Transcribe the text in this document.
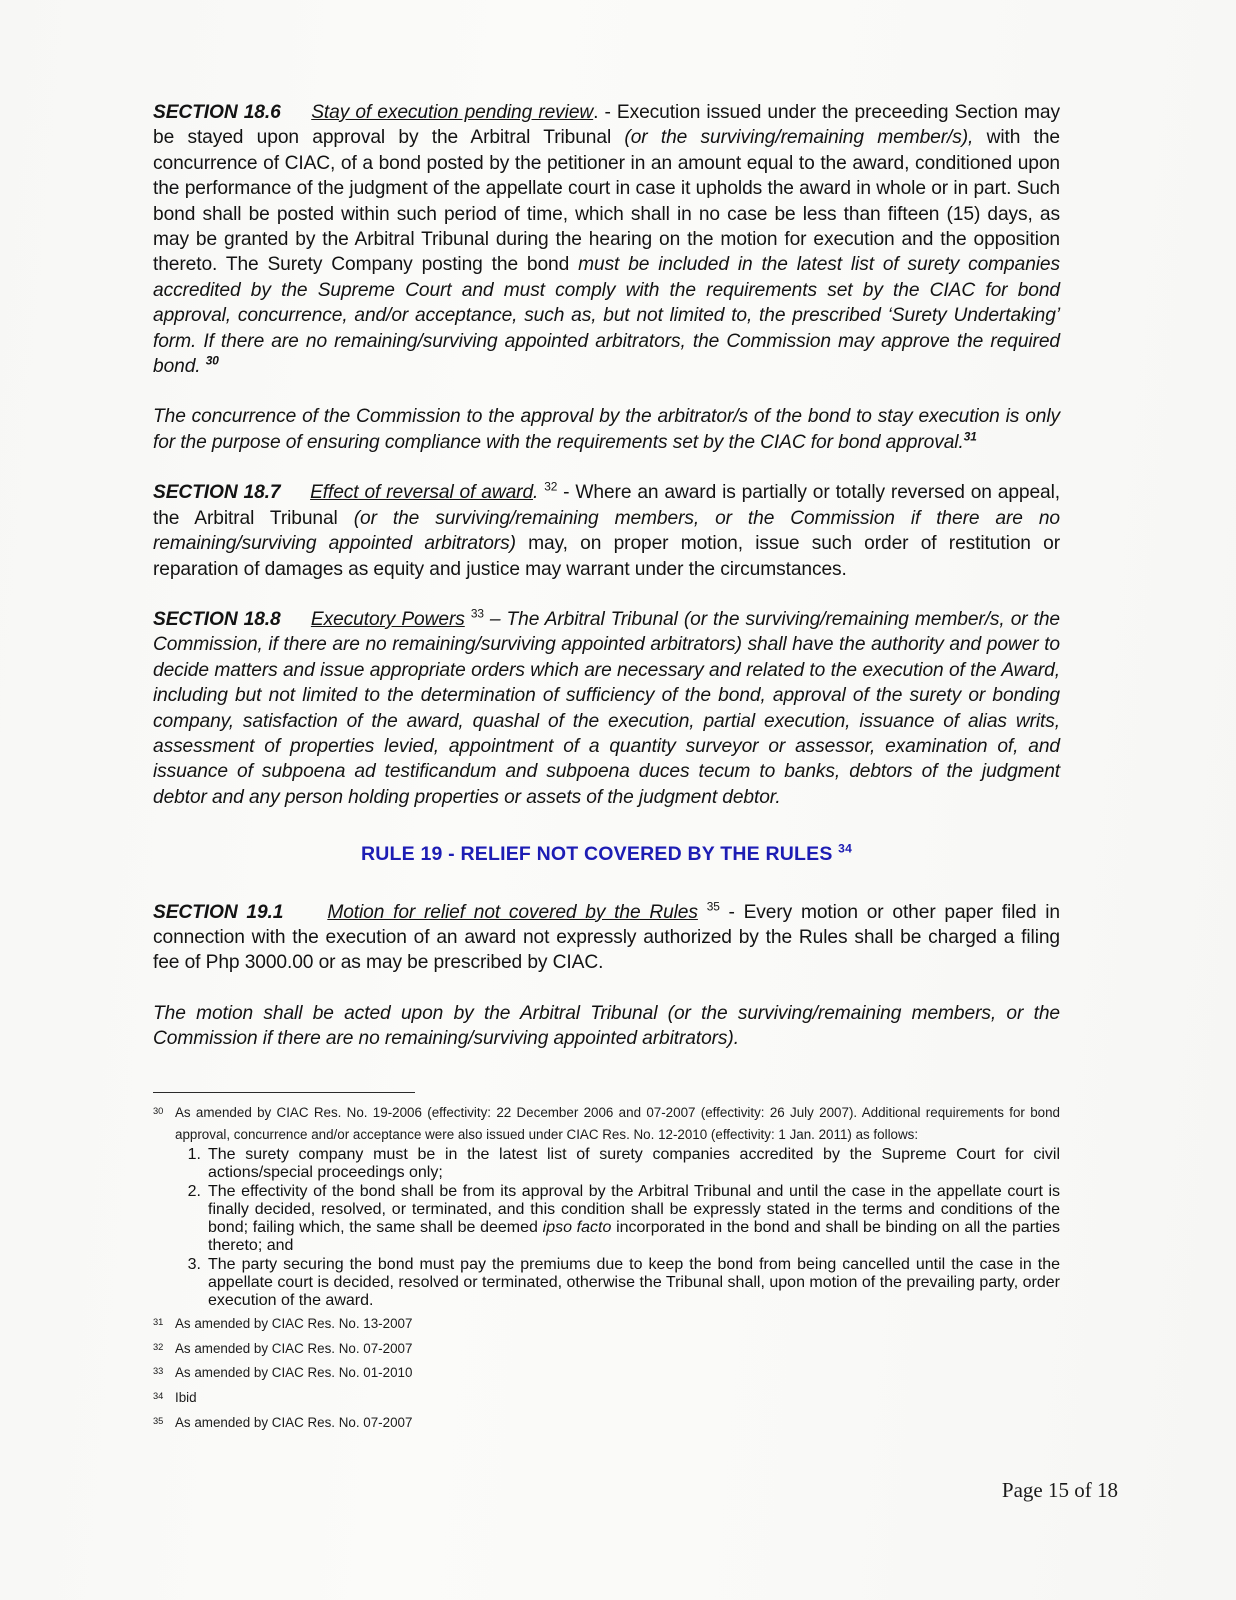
SECTION 18.6 Stay of execution pending review. - Execution issued under the preceeding Section may be stayed upon approval by the Arbitral Tribunal (or the surviving/remaining member/s), with the concurrence of CIAC, of a bond posted by the petitioner in an amount equal to the award, conditioned upon the performance of the judgment of the appellate court in case it upholds the award in whole or in part. Such bond shall be posted within such period of time, which shall in no case be less than fifteen (15) days, as may be granted by the Arbitral Tribunal during the hearing on the motion for execution and the opposition thereto. The Surety Company posting the bond must be included in the latest list of surety companies accredited by the Supreme Court and must comply with the requirements set by the CIAC for bond approval, concurrence, and/or acceptance, such as, but not limited to, the prescribed ‘Surety Undertaking’ form. If there are no remaining/surviving appointed arbitrators, the Commission may approve the required bond. $^{30}$

The concurrence of the Commission to the approval by the arbitrator/s of the bond to stay execution is only for the purpose of ensuring compliance with the requirements set by the CIAC for bond approval.$^{31}$

SECTION 18.7 Effect of reversal of award. $^{32}$ - Where an award is partially or totally reversed on appeal, the Arbitral Tribunal (or the surviving/remaining members, or the Commission if there are no remaining/surviving appointed arbitrators) may, on proper motion, issue such order of restitution or reparation of damages as equity and justice may warrant under the circumstances.

SECTION 18.8 Executory Powers $^{33}$ – The Arbitral Tribunal (or the surviving/remaining member/s, or the Commission, if there are no remaining/surviving appointed arbitrators) shall have the authority and power to decide matters and issue appropriate orders which are necessary and related to the execution of the Award, including but not limited to the determination of sufficiency of the bond, approval of the surety or bonding company, satisfaction of the award, quashal of the execution, partial execution, issuance of alias writs, assessment of properties levied, appointment of a quantity surveyor or assessor, examination of, and issuance of subpoena ad testificandum and subpoena duces tecum to banks, debtors of the judgment debtor and any person holding properties or assets of the judgment debtor.

RULE 19 - RELIEF NOT COVERED BY THE RULES $^{34}$

SECTION 19.1 Motion for relief not covered by the Rules $^{35}$ - Every motion or other paper filed in connection with the execution of an award not expressly authorized by the Rules shall be charged a filing fee of Php 3000.00 or as may be prescribed by CIAC.

The motion shall be acted upon by the Arbitral Tribunal (or the surviving/remaining members, or the Commission if there are no remaining/surviving appointed arbitrators).

30 As amended by CIAC Res. No. 19-2006 (effectivity: 22 December 2006 and 07-2007 (effectivity: 26 July 2007). Additional requirements for bond approval, concurrence and/or acceptance were also issued under CIAC Res. No. 12-2010 (effectivity: 1 Jan. 2011) as follows:
1. The surety company must be in the latest list of surety companies accredited by the Supreme Court for civil actions/special proceedings only;
2. The effectivity of the bond shall be from its approval by the Arbitral Tribunal and until the case in the appellate court is finally decided, resolved, or terminated, and this condition shall be expressly stated in the terms and conditions of the bond; failing which, the same shall be deemed ipso facto incorporated in the bond and shall be binding on all the parties thereto; and
3. The party securing the bond must pay the premiums due to keep the bond from being cancelled until the case in the appellate court is decided, resolved or terminated, otherwise the Tribunal shall, upon motion of the prevailing party, order execution of the award.
31 As amended by CIAC Res. No. 13-2007
32 As amended by CIAC Res. No. 07-2007
33 As amended by CIAC Res. No. 01-2010
34 Ibid
35 As amended by CIAC Res. No. 07-2007
Page 15 of 18
